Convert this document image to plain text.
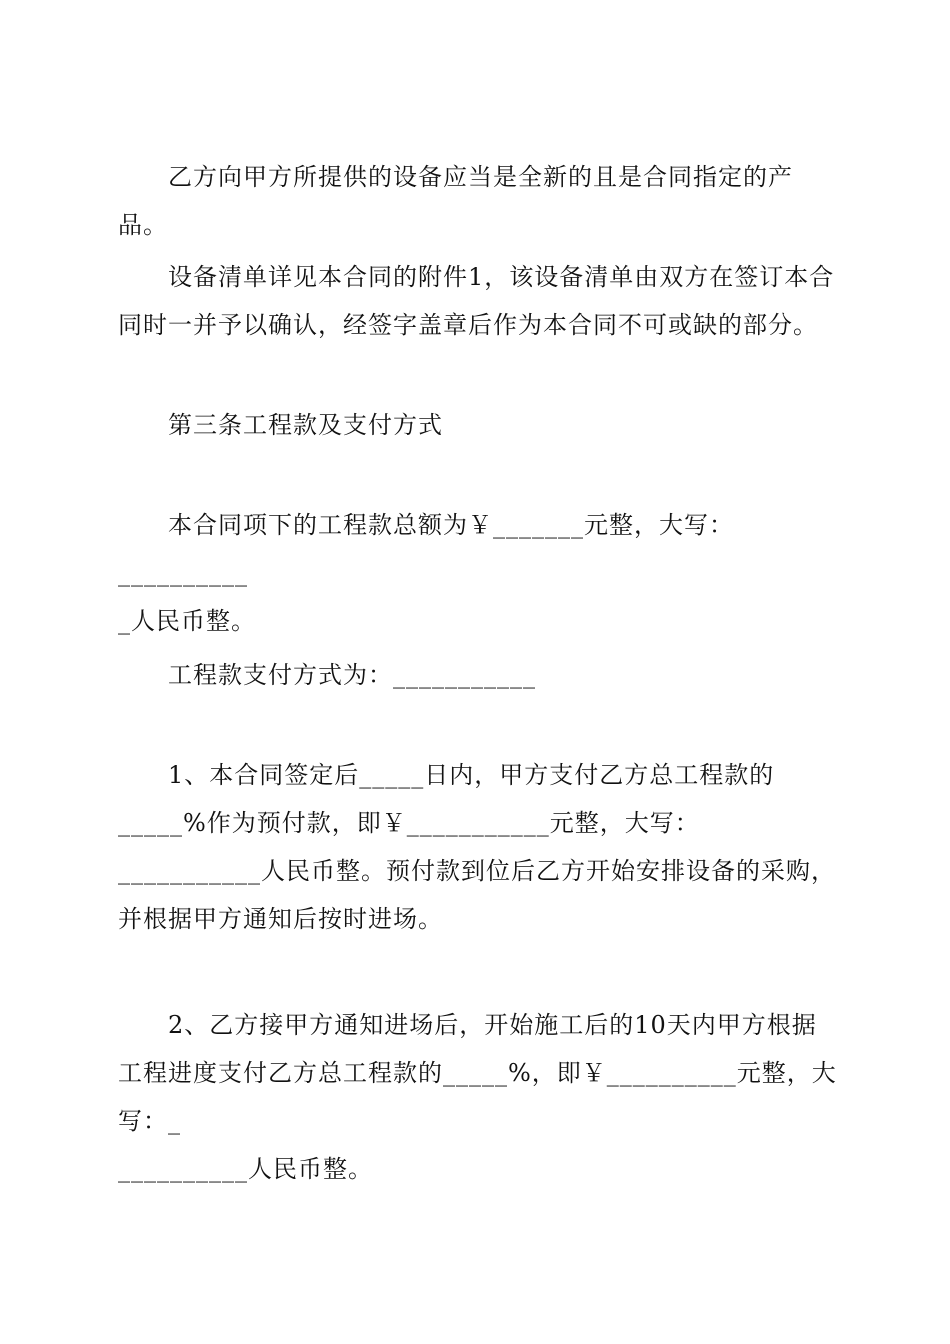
乙方向甲方所提供的设备应当是全新的且是合同指定的产品。

设备清单详见本合同的附件1，该设备清单由双方在签订本合同时一并予以确认，经签字盖章后作为本合同不可或缺的部分。

第三条工程款及支付方式

本合同项下的工程款总额为￥_______元整，大写：__________
_人民币整。

工程款支付方式为：___________

1、本合同签定后_____日内，甲方支付乙方总工程款的_____%作为预付款，即￥___________元整，大写：___________人民币整。预付款到位后乙方开始安排设备的采购，并根据甲方通知后按时进场。

2、乙方接甲方通知进场后，开始施工后的10天内甲方根据工程进度支付乙方总工程款的_____%，即￥__________元整，大写：_
__________人民币整。
